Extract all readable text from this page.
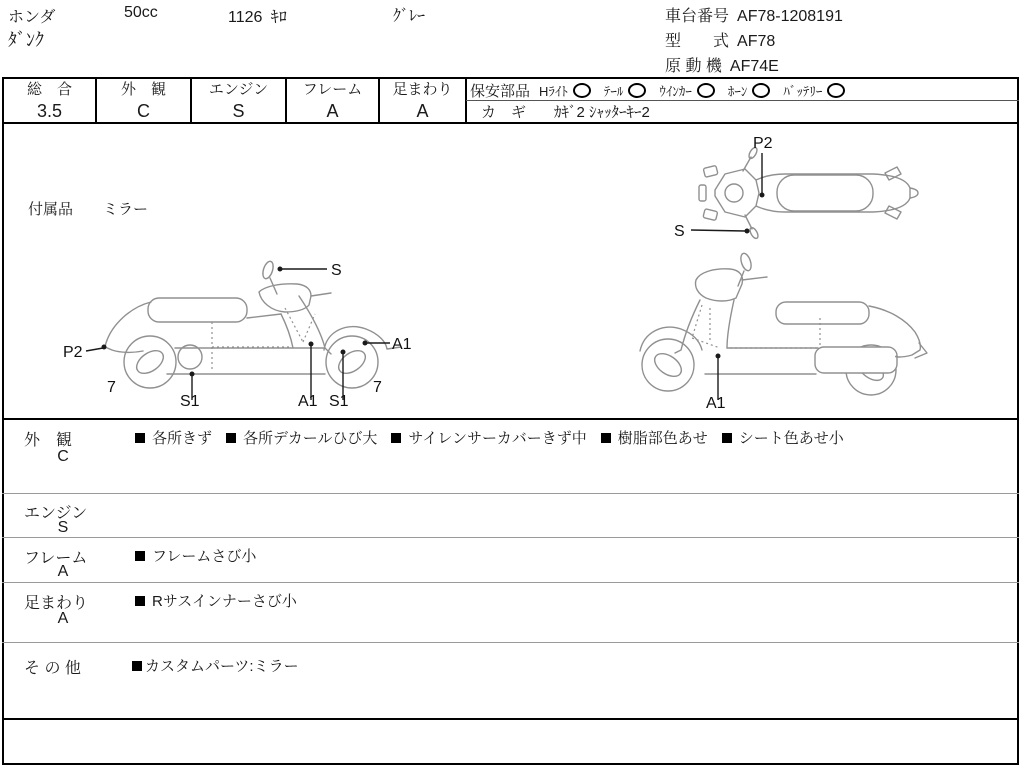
ホンダ
ﾀﾞﾝｸ
50cc	1126 ｷﾛ	ｸﾞﾚｰ	車台番号 AF78-1208191
型　　式 AF78
原 動 機 AF74E
総　合
3.5
外　観
C
エンジン
S
フレーム
A
足まわり
A
保安部品 Hﾗｲﾄ	ﾃｰﾙ	ｳｲﾝｶｰ	ﾎｰﾝ	ﾊﾞｯﾃﾘｰ
カ　ギ ｶｷﾞ2 ｼｬｯﾀｰｷｰ2
付属品 ミラー
P2
S
S
P2
7
S1	A1 S1
7
A1
A1
外　観
C
各所きず 各所デカールひび大 サイレンサーカバーきず中 樹脂部色あせ シート色あせ小
エンジン
S
フレーム
A
フレームさび小
足まわり
A
Rサスインナーさび小
そ の 他	カスタムパーツ:ミラー
